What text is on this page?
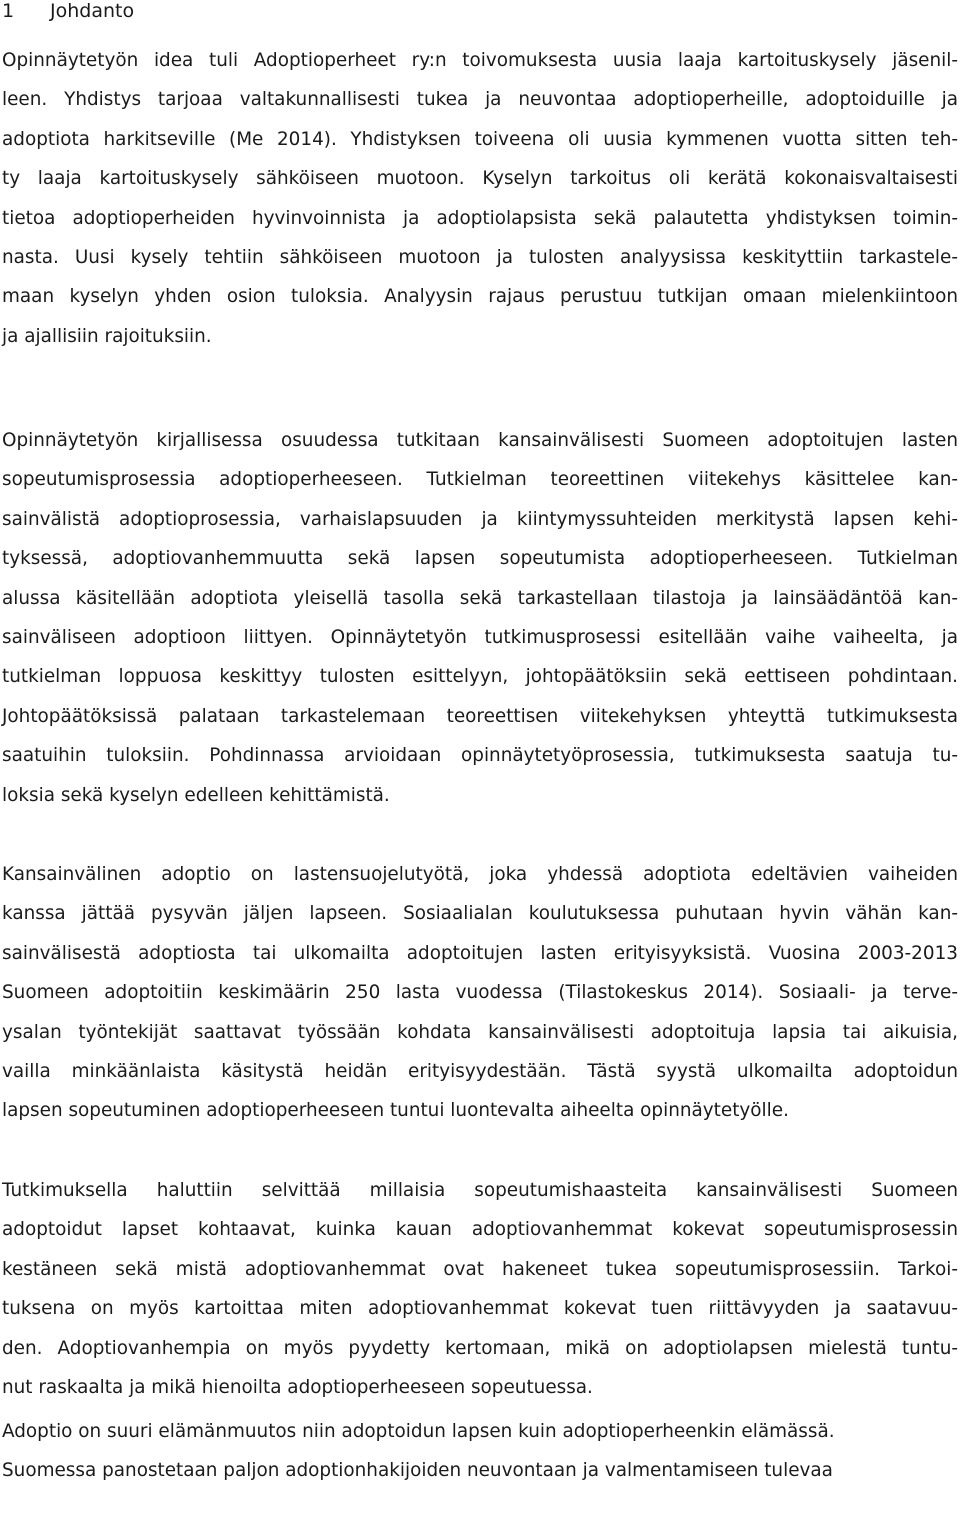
1 Johdanto
Opinnäytetyön idea tuli Adoptioperheet ry:n toivomuksesta uusia laaja kartoituskysely jäsenil-
leen. Yhdistys tarjoaa valtakunnallisesti tukea ja neuvontaa adoptioperheille, adoptoiduille ja
adoptiota harkitseville (Me 2014). Yhdistyksen toiveena oli uusia kymmenen vuotta sitten teh-
ty laaja kartoituskysely sähköiseen muotoon. Kyselyn tarkoitus oli kerätä kokonaisvaltaisesti
tietoa adoptioperheiden hyvinvoinnista ja adoptiolapsista sekä palautetta yhdistyksen toimin-
nasta. Uusi kysely tehtiin sähköiseen muotoon ja tulosten analyysissa keskityttiin tarkastele-
maan kyselyn yhden osion tuloksia. Analyysin rajaus perustuu tutkijan omaan mielenkiintoon
ja ajallisiin rajoituksiin.
Opinnäytetyön kirjallisessa osuudessa tutkitaan kansainvälisesti Suomeen adoptoitujen lasten
sopeutumisprosessia adoptioperheeseen. Tutkielman teoreettinen viitekehys käsittelee kan-
sainvälistä adoptioprosessia, varhaislapsuuden ja kiintymyssuhteiden merkitystä lapsen kehi-
tyksessä, adoptiovanhemmuutta sekä lapsen sopeutumista adoptioperheeseen. Tutkielman
alussa käsitellään adoptiota yleisellä tasolla sekä tarkastellaan tilastoja ja lainsäädäntöä kan-
sainväliseen adoptioon liittyen. Opinnäytetyön tutkimusprosessi esitellään vaihe vaiheelta, ja
tutkielman loppuosa keskittyy tulosten esittelyyn, johtopäätöksiin sekä eettiseen pohdintaan.
Johtopäätöksissä palataan tarkastelemaan teoreettisen viitekehyksen yhteyttä tutkimuksesta
saatuihin tuloksiin. Pohdinnassa arvioidaan opinnäytetyöprosessia, tutkimuksesta saatuja tu-
loksia sekä kyselyn edelleen kehittämistä.
Kansainvälinen adoptio on lastensuojelutyötä, joka yhdessä adoptiota edeltävien vaiheiden
kanssa jättää pysyvän jäljen lapseen. Sosiaalialan koulutuksessa puhutaan hyvin vähän kan-
sainvälisestä adoptiosta tai ulkomailta adoptoitujen lasten erityisyyksistä. Vuosina 2003-2013
Suomeen adoptoitiin keskimäärin 250 lasta vuodessa (Tilastokeskus 2014). Sosiaali- ja terve-
ysalan työntekijät saattavat työssään kohdata kansainvälisesti adoptoituja lapsia tai aikuisia,
vailla minkäänlaista käsitystä heidän erityisyydestään. Tästä syystä ulkomailta adoptoidun
lapsen sopeutuminen adoptioperheeseen tuntui luontevalta aiheelta opinnäytetyölle.
Tutkimuksella haluttiin selvittää millaisia sopeutumishaasteita kansainvälisesti Suomeen
adoptoidut lapset kohtaavat, kuinka kauan adoptiovanhemmat kokevat sopeutumisprosessin
kestäneen sekä mistä adoptiovanhemmat ovat hakeneet tukea sopeutumisprosessiin. Tarkoi-
tuksena on myös kartoittaa miten adoptiovanhemmat kokevat tuen riittävyyden ja saatavuu-
den. Adoptiovanhempia on myös pyydetty kertomaan, mikä on adoptiolapsen mielestä tuntu-
nut raskaalta ja mikä hienoilta adoptioperheeseen sopeutuessa.
Adoptio on suuri elämänmuutos niin adoptoidun lapsen kuin adoptioperheenkin elämässä.
Suomessa panostetaan paljon adoptionhakijoiden neuvontaan ja valmentamiseen tulevaa
